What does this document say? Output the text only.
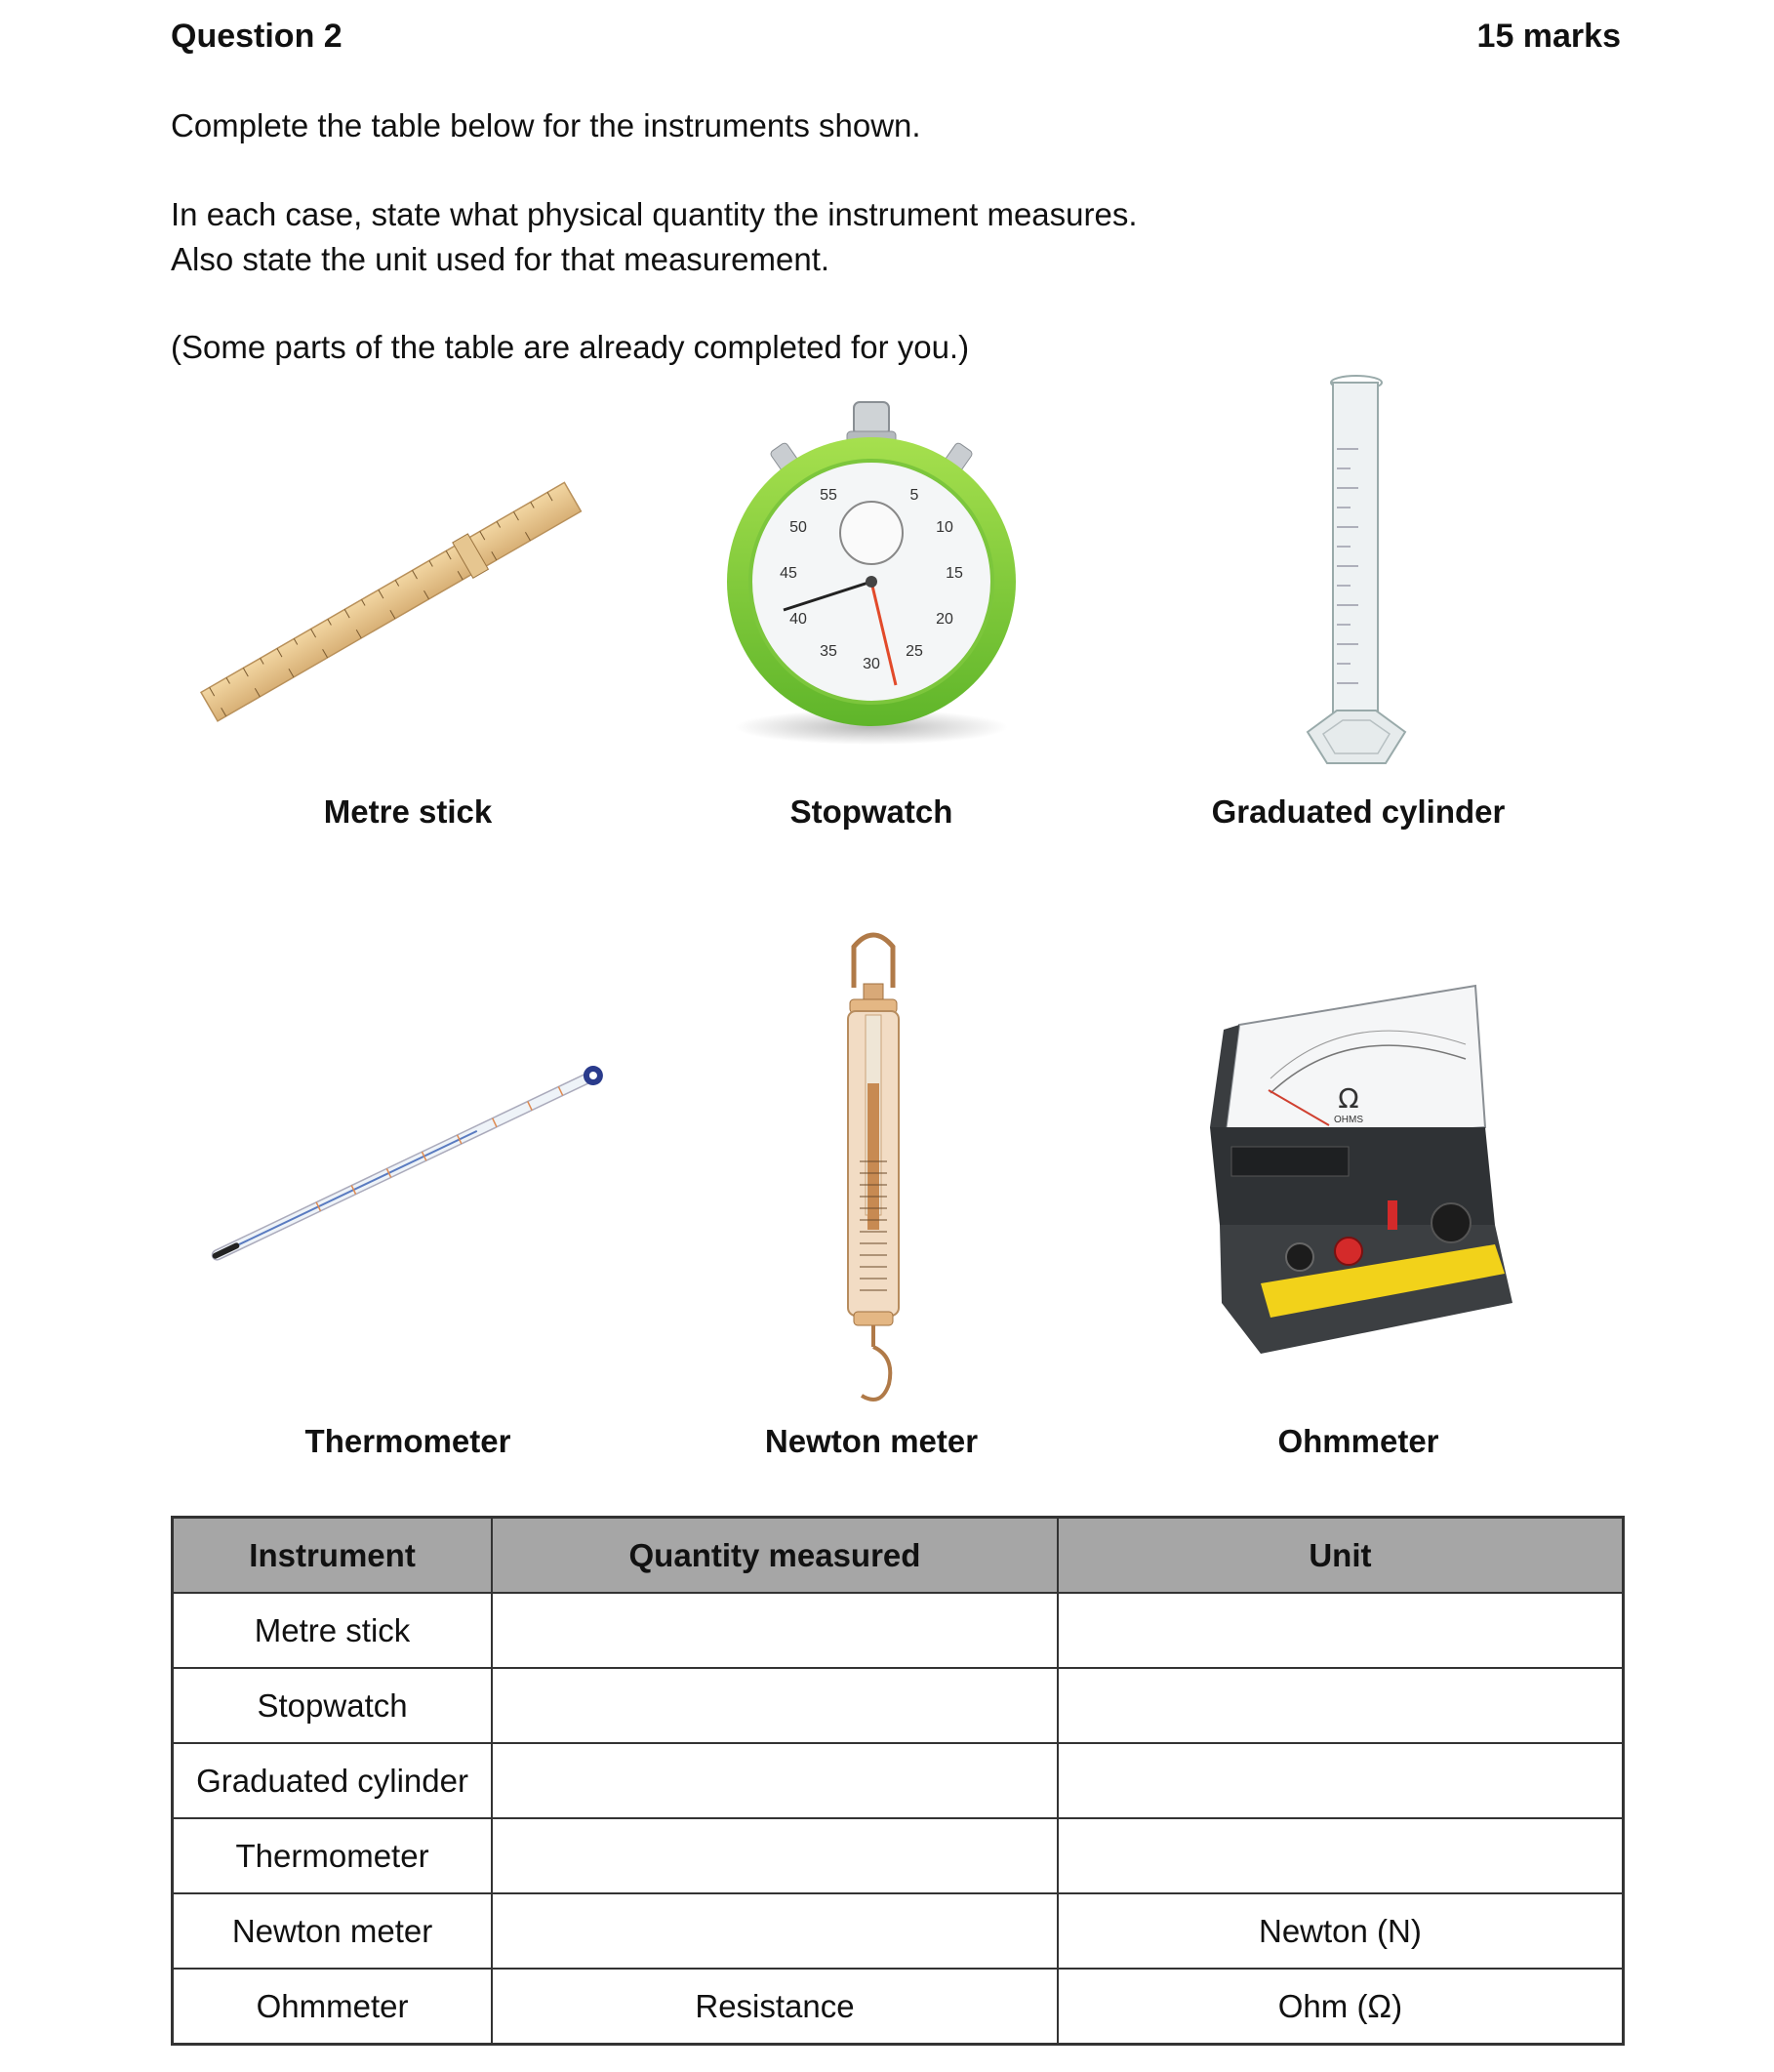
Question 2	15 marks
Complete the table below for the instruments shown.
In each case, state what physical quantity the instrument measures.
Also state the unit used for that measurement.
(Some parts of the table are already completed for you.)
5
10
15
20
25
30
35
40
45
50
55
Metre stick	Stopwatch	Graduated cylinder
Ω
OHMS
Thermometer	Newton meter	Ohmmeter
Instrument	Quantity measured	Unit
Metre stick		
Stopwatch		
Graduated cylinder		
Thermometer		
Newton meter		Newton (N)
Ohmmeter	Resistance	Ohm (Ω)
